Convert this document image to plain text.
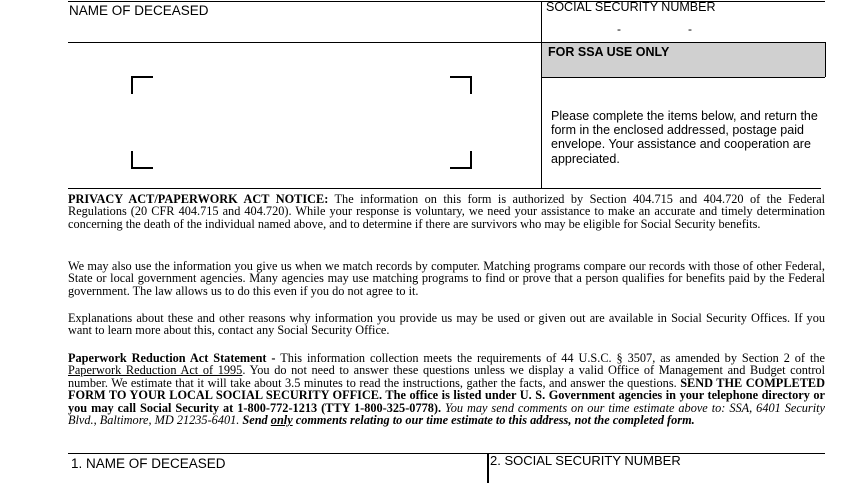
NAME OF DECEASED	SOCIAL SECURITY NUMBER
-	-
FOR SSA USE ONLY
Please complete the items below, and return the form in the enclosed addressed, postage paid envelope. Your assistance and cooperation are appreciated.

PRIVACY ACT/PAPERWORK ACT NOTICE: The information on this form is authorized by Section 404.715 and 404.720 of the Federal Regulations (20 CFR 404.715 and 404.720). While your response is voluntary, we need your assistance to make an accurate and timely determination concerning the death of the individual named above, and to determine if there are survivors who may be eligible for Social Security benefits.

We may also use the information you give us when we match records by computer. Matching programs compare our records with those of other Federal, State or local government agencies. Many agencies may use matching programs to find or prove that a person qualifies for benefits paid by the Federal government. The law allows us to do this even if you do not agree to it.

Explanations about these and other reasons why information you provide us may be used or given out are available in Social Security Offices. If you want to learn more about this, contact any Social Security Office.

Paperwork Reduction Act Statement - This information collection meets the requirements of 44 U.S.C. § 3507, as amended by Section 2 of the Paperwork Reduction Act of 1995. You do not need to answer these questions unless we display a valid Office of Management and Budget control number. We estimate that it will take about 3.5 minutes to read the instructions, gather the facts, and answer the questions. SEND THE COMPLETED FORM TO YOUR LOCAL SOCIAL SECURITY OFFICE. The office is listed under U. S. Government agencies in your telephone directory or you may call Social Security at 1-800-772-1213 (TTY 1-800-325-0778). You may send comments on our time estimate above to: SSA, 6401 Security Blvd., Baltimore, MD 21235-6401. Send only comments relating to our time estimate to this address, not the completed form.

1. NAME OF DECEASED	2. SOCIAL SECURITY NUMBER
